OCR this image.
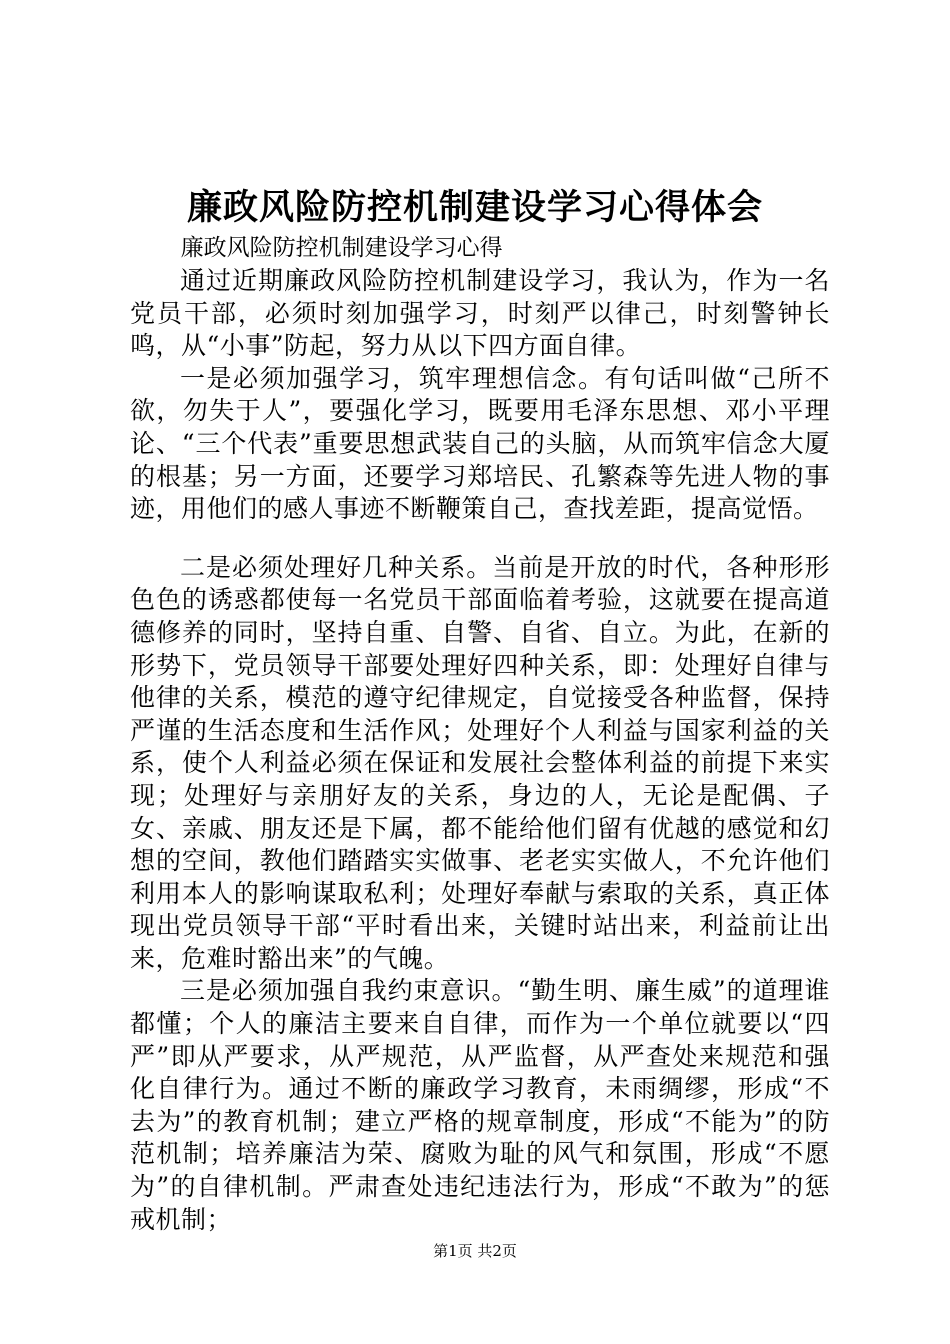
廉政风险防控机制建设学习心得体会

廉政风险防控机制建设学习心得

通过近期廉政风险防控机制建设学习，我认为，作为一名党员干部，必须时刻加强学习，时刻严以律己，时刻警钟长鸣，从“小事”防起，努力从以下四方面自律。

一是必须加强学习，筑牢理想信念。有句话叫做“己所不欲，勿失于人”，要强化学习，既要用毛泽东思想、邓小平理论、“三个代表”重要思想武装自己的头脑，从而筑牢信念大厦的根基；另一方面，还要学习郑培民、孔繁森等先进人物的事迹，用他们的感人事迹不断鞭策自己，查找差距，提高觉悟。

二是必须处理好几种关系。当前是开放的时代，各种形形色色的诱惑都使每一名党员干部面临着考验，这就要在提高道德修养的同时，坚持自重、自警、自省、自立。为此，在新的形势下，党员领导干部要处理好四种关系，即：处理好自律与他律的关系，模范的遵守纪律规定，自觉接受各种监督，保持严谨的生活态度和生活作风；处理好个人利益与国家利益的关系，使个人利益必须在保证和发展社会整体利益的前提下来实现；处理好与亲朋好友的关系，身边的人，无论是配偶、子女、亲戚、朋友还是下属，都不能给他们留有优越的感觉和幻想的空间，教他们踏踏实实做事、老老实实做人，不允许他们利用本人的影响谋取私利；处理好奉献与索取的关系，真正体现出党员领导干部“平时看出来，关键时站出来，利益前让出来，危难时豁出来”的气魄。

三是必须加强自我约束意识。“勤生明、廉生威”的道理谁都懂；个人的廉洁主要来自自律，而作为一个单位就要以“四严”即从严要求，从严规范，从严监督，从严查处来规范和强化自律行为。通过不断的廉政学习教育，未雨绸缪，形成“不去为”的教育机制；建立严格的规章制度，形成“不能为”的防范机制；培养廉洁为荣、腐败为耻的风气和氛围，形成“不愿为”的自律机制。严肃查处违纪违法行为，形成“不敢为”的惩戒机制；

第1页 共2页
